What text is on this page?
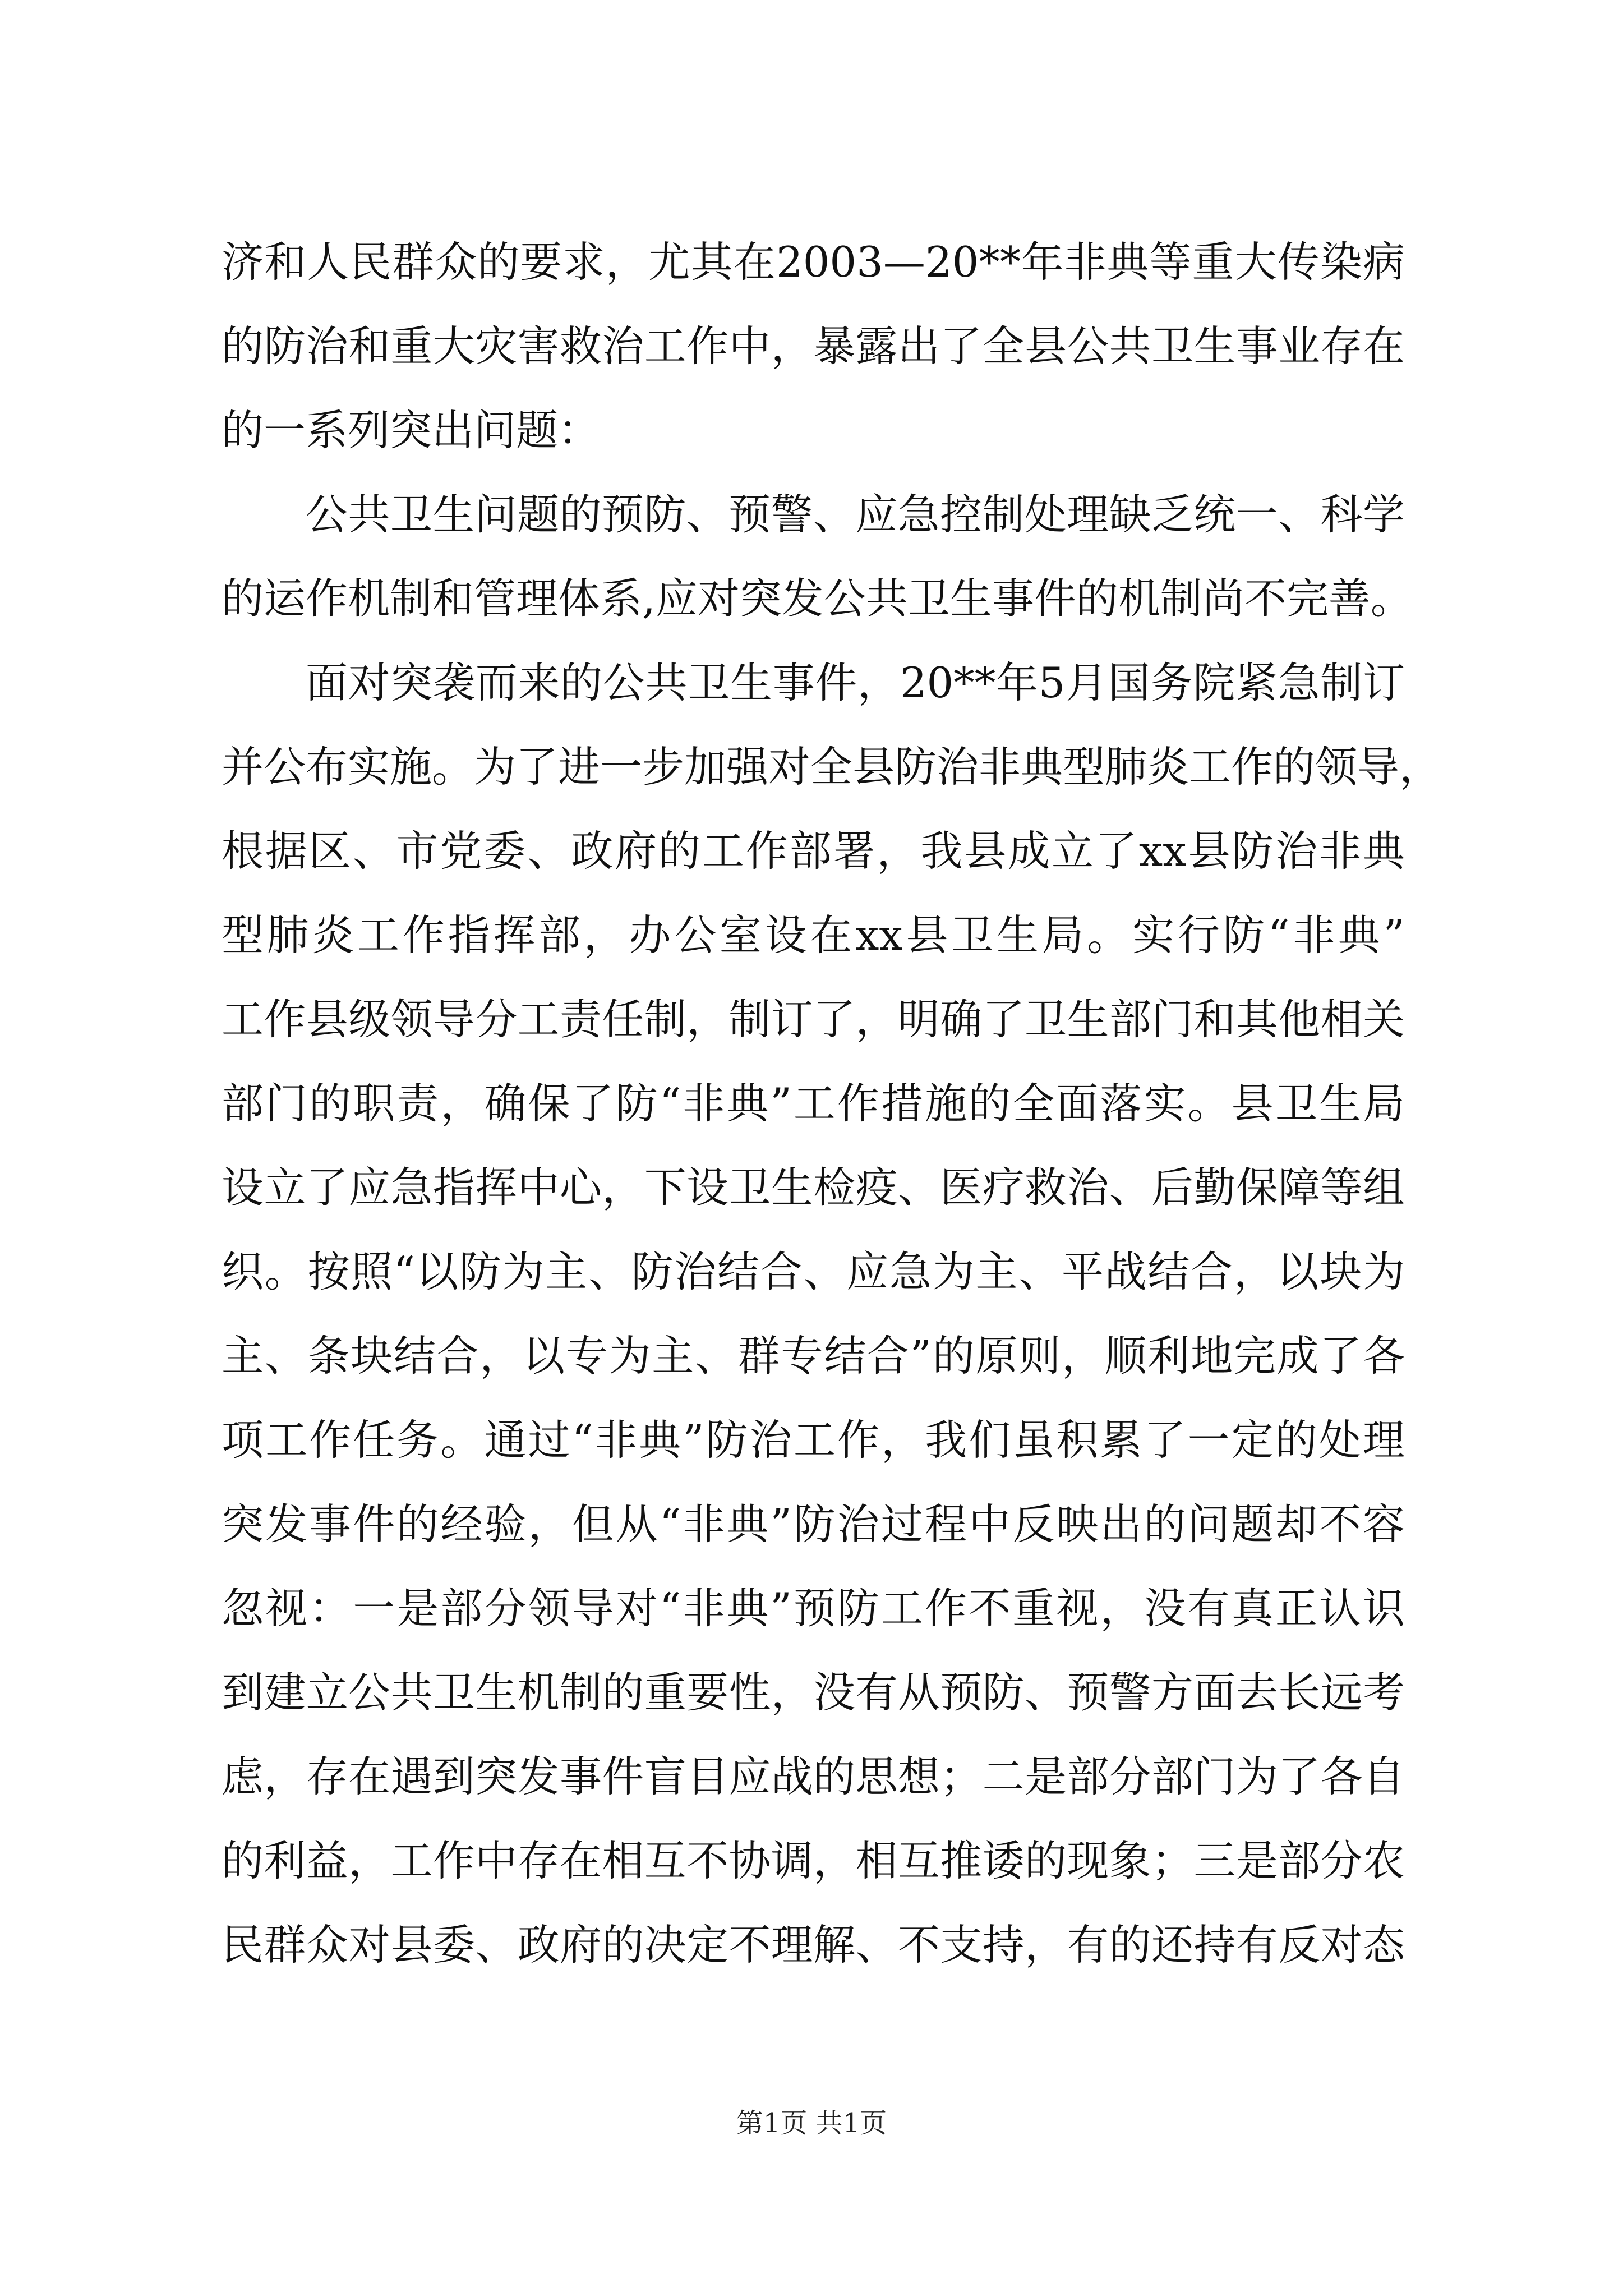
济和人民群众的要求，尤其在2003—20**年非典等重大传染病
的防治和重大灾害救治工作中，暴露出了全县公共卫生事业存在
的一系列突出问题：
公共卫生问题的预防、预警、应急控制处理缺乏统一、科学
的运作机制和管理体系,应对突发公共卫生事件的机制尚不完善。
面对突袭而来的公共卫生事件，20**年5月国务院紧急制订
并公布实施。为了进一步加强对全县防治非典型肺炎工作的领导，
根据区、市党委、政府的工作部署，我县成立了xx县防治非典
型肺炎工作指挥部，办公室设在xx县卫生局。实行防“非典”
工作县级领导分工责任制，制订了，明确了卫生部门和其他相关
部门的职责，确保了防“非典”工作措施的全面落实。县卫生局
设立了应急指挥中心，下设卫生检疫、医疗救治、后勤保障等组
织。按照“以防为主、防治结合、应急为主、平战结合，以块为
主、条块结合，以专为主、群专结合”的原则，顺利地完成了各
项工作任务。通过“非典”防治工作，我们虽积累了一定的处理
突发事件的经验，但从“非典”防治过程中反映出的问题却不容
忽视：一是部分领导对“非典”预防工作不重视，没有真正认识
到建立公共卫生机制的重要性，没有从预防、预警方面去长远考
虑，存在遇到突发事件盲目应战的思想；二是部分部门为了各自
的利益，工作中存在相互不协调，相互推诿的现象；三是部分农
民群众对县委、政府的决定不理解、不支持，有的还持有反对态
第1页 共1页
